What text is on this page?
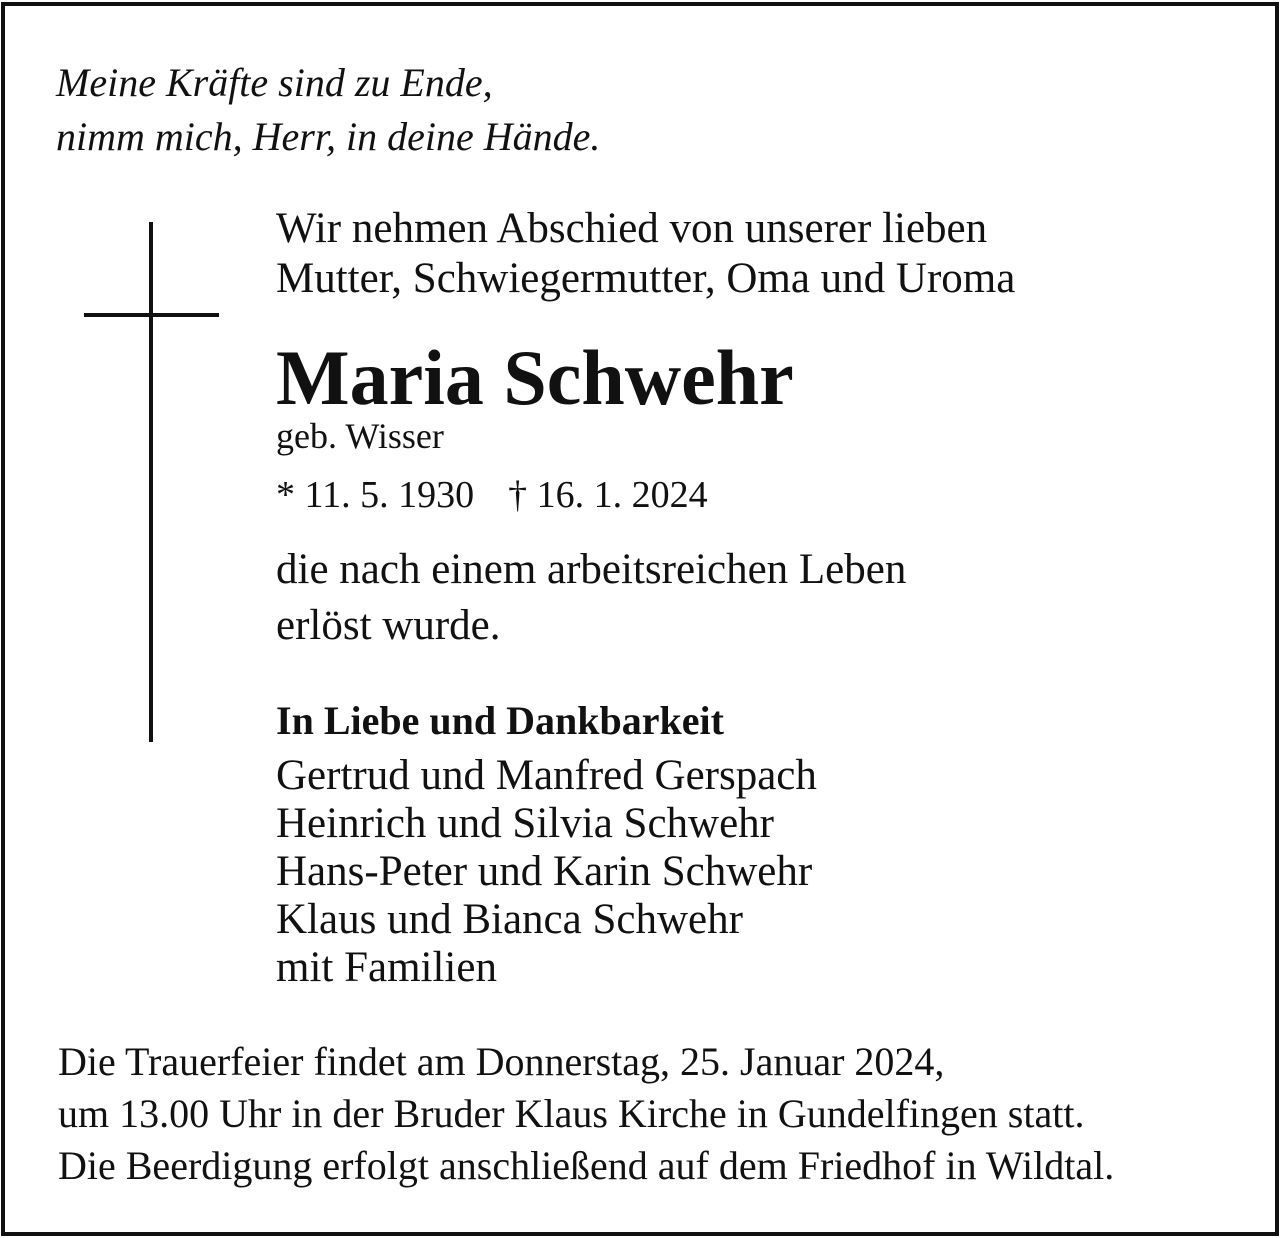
Meine Kräfte sind zu Ende,
nimm mich, Herr, in deine Hände.
Wir nehmen Abschied von unserer lieben
Mutter, Schwiegermutter, Oma und Uroma
Maria Schwehr
geb. Wisser
* 11. 5. 1930 † 16. 1. 2024
die nach einem arbeitsreichen Leben
erlöst wurde.
In Liebe und Dankbarkeit
Gertrud und Manfred Gerspach
Heinrich und Silvia Schwehr
Hans-Peter und Karin Schwehr
Klaus und Bianca Schwehr
mit Familien
Die Trauerfeier findet am Donnerstag, 25. Januar 2024,
um 13.00 Uhr in der Bruder Klaus Kirche in Gundelfingen statt.
Die Beerdigung erfolgt anschließend auf dem Friedhof in Wildtal.
